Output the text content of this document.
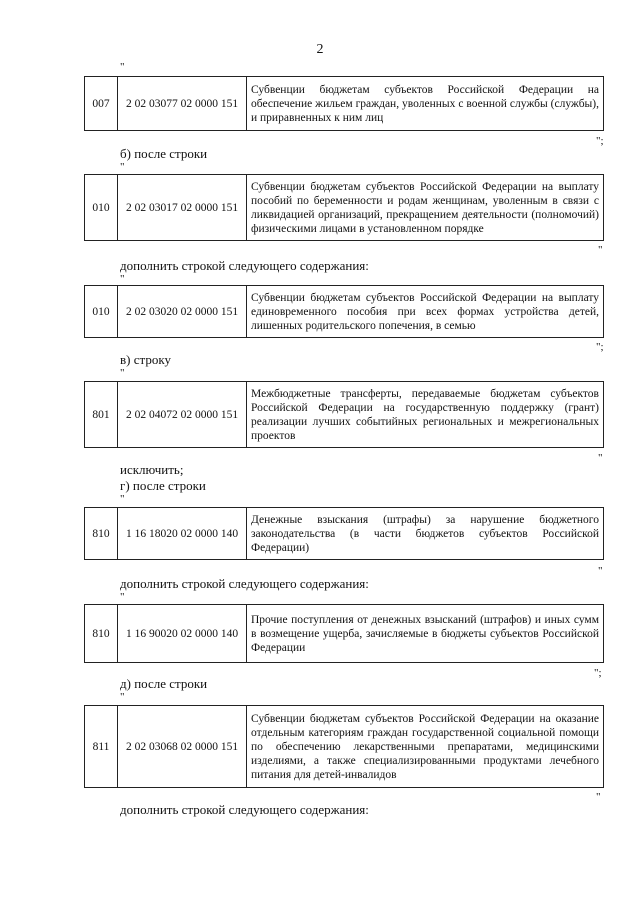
2
"
007	2 02 03077 02 0000 151	Субвенции бюджетам субъектов Российской Федерации на обеспечение жильем граждан, уволенных с военной службы (службы), и приравненных к ним лиц
";
б) после строки
"
010	2 02 03017 02 0000 151	Субвенции бюджетам субъектов Российской Федерации на выплату пособий по беременности и родам женщинам, уволенным в связи с ликвидацией организаций, прекращением деятельности (полномочий) физическими лицами в установленном порядке
"
дополнить строкой следующего содержания:
"
010	2 02 03020 02 0000 151	Субвенции бюджетам субъектов Российской Федерации на выплату единовременного пособия при всех формах устройства детей, лишенных родительского попечения, в семью
";
в) строку
"
801	2 02 04072 02 0000 151	Межбюджетные трансферты, передаваемые бюджетам субъектов Российской Федерации на государственную поддержку (грант) реализации лучших событийных региональных и межрегиональных проектов
"
исключить;
г) после строки
"
810	1 16 18020 02 0000 140	Денежные взыскания (штрафы) за нарушение бюджетного законодательства (в части бюджетов субъектов Российской Федерации)
"
дополнить строкой следующего содержания:
"
810	1 16 90020 02 0000 140	Прочие поступления от денежных взысканий (штрафов) и иных сумм в возмещение ущерба, зачисляемые в бюджеты субъектов Российской Федерации
";
д) после строки
"
811	2 02 03068 02 0000 151	Субвенции бюджетам субъектов Российской Федерации на оказание отдельным категориям граждан государственной социальной помощи по обеспечению лекарственными препаратами, медицинскими изделиями, а также специализированными продуктами лечебного питания для детей-инвалидов
"
дополнить строкой следующего содержания:
